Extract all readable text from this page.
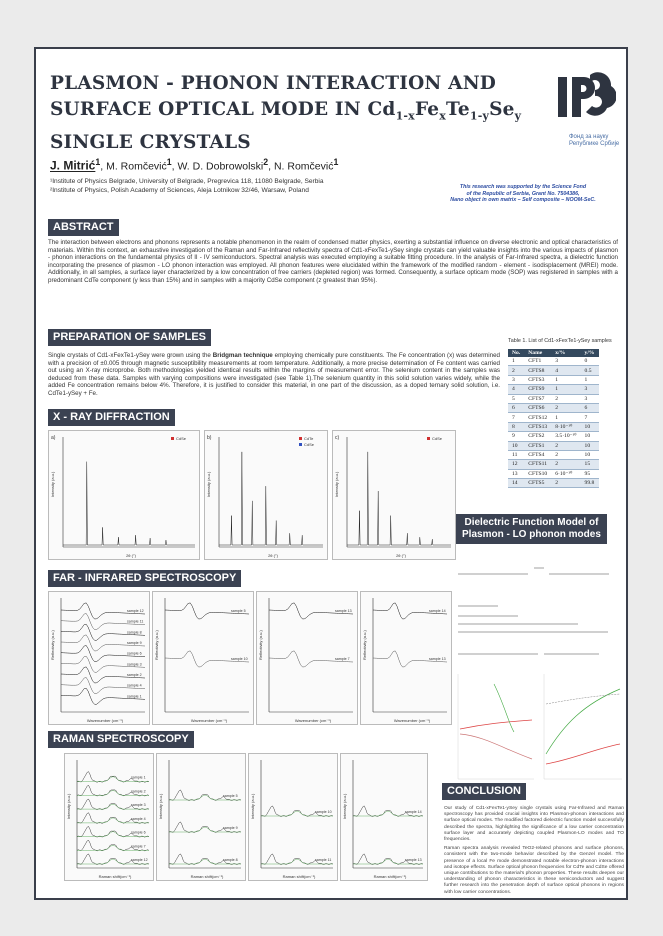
PLASMON - PHONON INTERACTION AND
SURFACE OPTICAL MODE IN $Cd_{1-x}Fe_xTe_{1-y}Se_y$
SINGLE CRYSTALS	Фонд за науку
Републике Србије
J. Mitrić$^1$, M. Romčević$^1$, W. D. Dobrowolski$^2$, N. Romčević$^1$
¹Institute of Physics Belgrade, University of Belgrade, Pregrevica 118, 11080 Belgrade, Serbia
²Institute of Physics, Polish Academy of Sciences, Aleja Lotnikow 32/46, Warsaw, Poland	This research was supported by the Science Fond
of the Republic of Serbia, Grant No. 7504386,
Nano object in own matrix – Self composite – NOOM-SeC.
ABSTRACT
The interaction between electrons and phonons represents a notable phenomenon in the realm of condensed matter physics, exerting a substantial influence on diverse electronic and optical characteristics of materials. Within this context, an exhaustive investigation of the Raman and Far-Infrared reflectivity spectra of Cd1-xFexTe1-ySey single crystals can yield valuable insights into the various impacts of plasmon - phonon interactions on the fundamental physics of II - IV semiconductors. Spectral analysis was executed employing a suitable fitting procedure. In the analysis of Far-Infrared spectra, a dielectric function incorporating the presence of plasmon - LO phonon interaction was employed. All phonon features were elucidated within the framework of the modified random - element - isodisplacement (MREI) mode. Additionally, in all samples, a surface layer characterized by a low concentration of free carriers (depleted region) was formed. Consequently, a surface opticam mode (SOP) was registered in samples with a predominant CdTe component (y less than 15%) and in samples with a majority CdSe component (z greatest than 95%).
PREPARATION OF SAMPLES
Single crystals of Cd1-xFexTe1-ySey were grown using the Bridgman technique employing chemically pure constituents. The Fe concentration (x) was determined with a precision of ±0.005 through magnetic susceptibility measurements at room temperature. Additionally, a more precise determination of Fe content was carried out using an X-ray microprobe. Both methodologies yielded identical results within the margins of measurement error. The selenium content in the samples was deduced from these data. Samples with varying compositions were investigated (see Table 1).The selenium quantity in this solid solution varies widely, while the added Fe concentration remains below 4%. Therefore, it is justified to consider this material, in one part of the discussion, as a doped ternary solid solution, i.e. CdTe1-ySey + Fe.
Table 1. List of Cd1-xFexTe1-ySey samples
No.	Name	x/%	y/%
1	CFT1	3	0
2	CFTS8	4	0.5
3	CFTS3	1	1
4	CFTS9	1	3
5	CFTS7	2	3
6	CFTS6	2	6
7	CFTS12	1	7
8	CFTS13	8·10⁻¹⁰	10
9	CFTS2	3.5·10⁻¹⁰	10
10	CFTS1	2	10
11	CFTS4	2	10
12	CFTS11	2	15
13	CFTS10	6·10⁻¹⁰	95
14	CFTS5	2	99.8
X - RAY DIFFRACTION
2θ (°)
Intensity (a.u.)
a)	CdSe
2θ (°)
Intensity (a.u.)
b)	CdTe
CdSe
2θ (°)
Intensity (a.u.)
c)	CdSe
Dielectric Function Model of
Plasmon - LO phonon modes
FAR - INFRARED SPECTROSCOPY
Wavenumber (cm⁻¹)
Reflectivity (a.u.)
sample 12
sample 11
sample 8
sample 9
sample 6
sample 3
sample 2
sample 4
sample 1
Wavenumber (cm⁻¹)
Reflectivity (a.u.)
sample 5
sample 10
Wavenumber (cm⁻¹)
Reflectivity (a.u.)
sample 13
sample 7
Wavenumber (cm⁻¹)
Reflectivity (a.u.)
sample 14
sample 13
RAMAN SPECTROSCOPY
Raman shift(cm⁻¹)
Intensity (a.u.)
sample 12
sample 7
sample 6
sample 4
sample 3
sample 2
sample 1
Raman shift(cm⁻¹)
Intensity (a.u.)
sample 8
sample 9
sample 5
Raman shift(cm⁻¹)
Intensity (a.u.)
sample 11
sample 10
Raman shift(cm⁻¹)
Intensity (a.u.)
sample 13
sample 14
CONCLUSION

Our study of Cd1-xFexTe1-ySey single crystals using Far-Infrared and Raman spectroscopy has provided crucial insights into Plasmon-phonon interactions and surface optical modes. The modified factored dielectric function model successfully described the spectra, highlighting the significance of a low carrier concentration surface layer and accurately depicting coupled Plasmon-LO modes and TO frequencies.

Raman spectra analysis revealed TeO2-related phonons and surface phonons, consistent with the two-mode behavior described by the Genzel model. The presence of a local Fe mode demonstrated notable electron-phonon interactions and isotope effects. Surface optical phonon frequencies for CdTe and CdSe offered unique contributions to the material's phonon properties. These results deepen our understanding of phonon characteristics in these semiconductors and suggest further research into the penetration depth of surface optical phonons in regions with low carrier concentrations.
